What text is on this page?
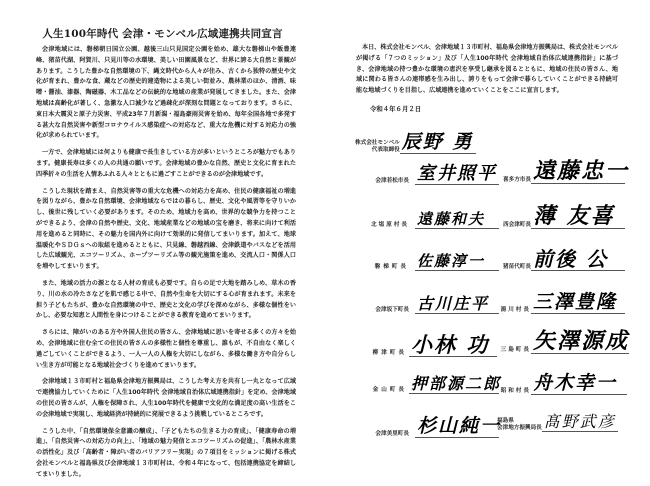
人生100年時代 会津・モンベル広域連携共同宣言

会津地域には、磐梯朝日国立公園、越後三山只見国定公園を始め、雄大な磐梯山や飯豊連峰、猪苗代湖、阿賀川、只見川等の水環境、美しい田園風景など、世界に誇る大自然と景観があります。こうした豊かな自然環境の下、縄文時代から人々が住み、古くから独特の歴史や文化が育まれ、豊かな食、蔵などの歴史的建造物による美しい街並み、農林業のほか、清酒、味噌・醤油、漆器、陶磁器、木工品などの伝統的な地域の産業が発展してきました。また、会津地域は高齢化が著しく、急激な人口減少など過疎化が深刻な問題となっております。さらに、東日本大震災と原子力災害、平成23年７月新潟・福島豪雨災害を始め、毎年全国各地で多発する甚大な自然災害や新型コロナウイルス感染症への対応など、重大な危機に対する対応力の強化が求められています。

一方で、会津地域には何よりも健康で長生きしている方が多いというところが魅力でもあります。健康長寿は多くの人の共通の願いです。会津地域の豊かな自然、歴史と文化に育まれた四季折々の生活を人情あふれる人々とともに過ごすことができるのが会津地域です。

こうした現状を踏まえ、自然災害等の重大な危機への対応力を高め、住民の健康福祉の増進を図りながら、豊かな自然環境、会津地域ならではの暮らし、歴史、文化や風習等を守りいかし、後世に残していく必要があります。そのため、地域力を高め、世界的な競争力を持つことができるよう、会津の自然や歴史、文化、地域産業などの地域の宝を磨き、将来に向けて利活用を進めると同時に、その魅力を国内外に向けて効果的に発信してまいります。加えて、地球温暖化やＳＤＧｓへの取組を進めるとともに、只見線、磐越西線、会津鉄道やバスなどを活用した広域観光、エコツーリズム、ホープツーリズム等の観光施策を進め、交流人口・関係人口を増やしてまいります。

また、地域の活力の源となる人材の育成も必要です。自らの足で大地を踏みしめ、草木の香り、川の水の冷たさなどを肌で感じる中で、自然や生命を大切にする心が育まれます。未来を担う子どもたちが、豊かな自然環境の中で、歴史と文化の学びを深めながら、多様な個性をいかし、必要な知恵と人間性を身につけることができる教育を進めてまいります。

さらには、障がいのある方や外国人住民の皆さん、会津地域に思いを寄せる多くの方々を始め、会津地域に住む全ての住民の皆さんの多様性と個性を尊重し、誰もが、不自由なく楽しく過ごしていくことができるよう、一人一人の人権を大切にしながら、多様な働き方や自分らしい生き方が可能となる地域社会づくりを進めてまいります。

会津地域１３市町村と福島県会津地方振興局は、こうした考え方を共有し一丸となって広域で連携協力していくために「人生100年時代 会津地域自治体広域連携指針」を定め、会津地域の住民の皆さんが、人権を保障され、人生100年時代を健康で文化的な満足度の高い生活をこの会津地域で実現し、地域経済が持続的に発展できるよう挑戦しているところです。

こうした中、「自然環境保全意識の醸成」、「子どもたちの生きる力の育成」、「健康寿命の増進」、「自然災害への対応力の向上」、「地域の魅力発信とエコツーリズムの促進」、「農林水産業の活性化」及び「高齢者・障がい者のバリアフリー実現」の７項目をミッションに掲げる株式会社モンベルと福島県及び会津地域１３市町村は、令和４年になって、包括連携協定を締結してまいりました。

本日、株式会社モンベル、会津地域１３市町村、福島県会津地方振興局は、株式会社モンベルが掲げる「７つのミッション」及び「人生100年時代 会津地域自治体広域連携指針」に基づき、会津地域の持つ豊かな環境の恵沢を享受し継承を図るとともに、地域の住民の皆さん、地域に関わる皆さんの連帯感を生み出し、誇りをもって会津で暮らしていくことができる持続可能な地域づくりを目指し、広域連携を進めていくことをここに宣言します。

令和４年６月２日
株式会社モンベル
代表取締役 辰野 勇
会津若松市長 室井照平	喜多方市長 遠藤忠一
北塩原村長 遠藤和夫	西会津町長 薄 友喜
磐梯町長 佐藤淳一	猪苗代町長 前後 公
会津坂下町長 古川庄平	湯川村長 三澤豊隆
柳津町長 小林 功	三島町長 矢澤源成
金山町長 押部源二郎 昭和村長 舟木幸一
会津美里町長 杉山純一
福島県
会津地方振興局長 髙野武彦
